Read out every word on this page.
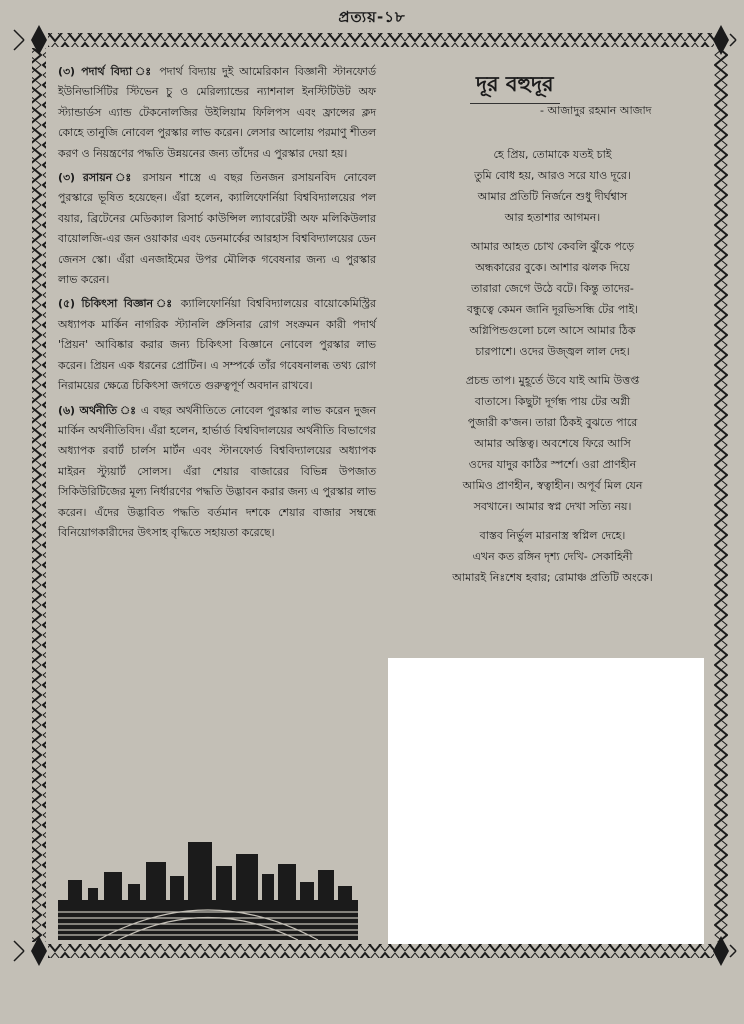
প্রত্যয়-১৮

(৩) পদার্থ বিদ্যা ঃ পদার্থ বিদ্যায় দুই আমেরিকান বিজ্ঞানী স্টানফোর্ড ইউনিভার্সিটির স্টিভেন চু ও মেরিল্যান্ডের ন্যাশনাল ইনস্টিটিউট অফ স্ট্যান্ডার্ডস এ্যান্ড টেকনোলজির উইলিয়াম ফিলিপস এবং ফ্রান্সের ক্লদ কোহে তানুজি নোবেল পুরস্কার লাভ করেন। লেসার আলোয় পরমাণু শীতল করণ ও নিয়ন্ত্রণের পদ্ধতি উন্নয়নের জন্য তাঁদের এ পুরস্কার দেয়া হয়।

(৩) রসায়ন ঃ রসায়ন শাস্ত্রে এ বছর তিনজন রসায়নবিদ নোবেল পুরস্কারে ভূষিত হয়েছেন। এঁরা হলেন, ক্যালিফোর্নিয়া বিশ্ববিদ্যালয়ের পল বয়ার, ব্রিটেনের মেডিক্যাল রিসার্চ কাউন্সিল ল্যাবরেটরী অফ মলিকিউলার বায়োলজি-এর জন ওয়াকার এবং ডেনমার্কের আরহাস বিশ্ববিদ্যালয়ের ডেন জেনস স্কো। এঁরা এনজাইমের উপর মৌলিক গবেষনার জন্য এ পুরস্কার লাভ করেন।

(৫) চিকিৎসা বিজ্ঞান ঃ ক্যালিফোর্নিয়া বিশ্ববিদ্যালয়ের বায়োকেমিস্ট্রির অধ্যাপক মার্কিন নাগরিক স্ট্যানলি প্রুসিনার রোগ সংক্রমন কারী পদার্থ 'প্রিয়ন' আবিষ্কার করার জন্য চিকিৎসা বিজ্ঞানে নোবেল পুরস্কার লাভ করেন। প্রিয়ন এক ধরনের প্রোটিন। এ সম্পর্কে তাঁর গবেষনালব্ধ তথ্য রোগ নিরাময়ের ক্ষেত্রে চিকিৎসা জগতে গুরুত্বপূর্ণ অবদান রাখবে।

(৬) অর্থনীতি ঃ এ বছর অর্থনীতিতে নোবেল পুরস্কার লাভ করেন দুজন মার্কিন অর্থনীতিবিদ। এঁরা হলেন, হার্ভার্ড বিশ্ববিদালয়ের অর্থনীতি বিভাগের অধ্যাপক রবার্ট চার্লস মার্টন এবং স্টানফোর্ড বিশ্ববিদ্যালয়ের অধ্যাপক মাইরন স্ট্যুয়ার্ট সোলস। এঁরা শেয়ার বাজারের বিভিন্ন উপজাত সিকিউরিটিজের মূল্য নির্ধারণের পদ্ধতি উদ্ভাবন করার জন্য এ পুরস্কার লাভ করেন। এঁদের উদ্ভাবিত পদ্ধতি বর্তমান দশকে শেয়ার বাজার সম্বন্ধে বিনিয়োগকারীদের উৎসাহ বৃদ্ধিতে সহায়তা করেছে।

দূর বহুদূর
- আজাদুর রহমান আজাদ
হে প্রিয়, তোমাকে যতই চাই
তুমি বোধ হয়, আরও সরে যাও দূরে।
আমার প্রতিটি নির্জনে শুধু দীর্ঘশ্বাস
আর হতাশার আগমন।
আমার আহত চোখ কেবলি ঝুঁকে পড়ে
অন্ধকারের বুকে। আশার ঝলক দিয়ে
তারারা জেগে উঠে বটে। কিন্তু তাদের-
বন্ধুত্বে কেমন জানি দূরভিসন্ধি টের পাই।
অগ্নিপিন্ডগুলো চলে আসে আমার ঠিক
চারপাশে। ওদের উজ্জ্বল লাল দেহ।
প্রচন্ড তাপ। মুহূর্তে উবে যাই আমি উত্তপ্ত
বাতাসে। কিছুটা দূর্গন্ধ পায় টের অগ্নী
পুজারী ক'জন। তারা ঠিকই বুঝতে পারে
আমার অস্তিত্ব। অবশেষে ফিরে আসি
ওদের যাদুর কাঠির স্পর্শে। ওরা প্রাণহীন
আমিও প্রাণহীন, স্বত্বাহীন। অপূর্ব মিল যেন
সবখানে। আমার স্বপ্ন দেখা সত্যি নয়।
বাস্তব নির্ভুল মারনাস্ত্র স্বপ্নিল দেহে।
এখন কত রঙ্গিন দৃশ্য দেখি- সেকাহিনী
আমারই নিঃশেষ হবার; রোমাঞ্চ প্রতিটি অংকে।
